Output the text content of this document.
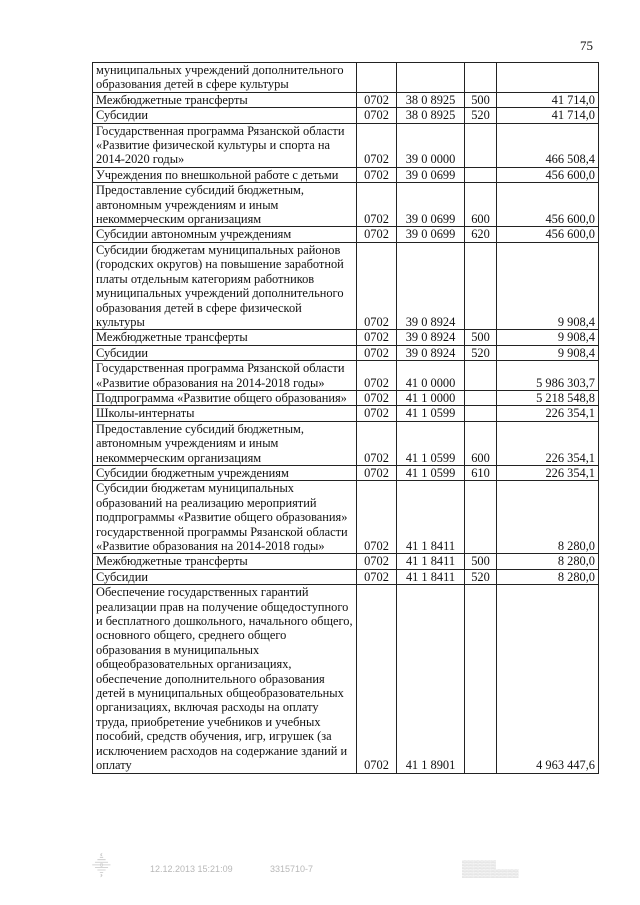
75
муниципальных учреждений дополнительного образования детей в сфере культуры				
Межбюджетные трансферты	0702	38 0 8925	500	41 714,0
Субсидии	0702	38 0 8925	520	41 714,0
Государственная программа Рязанской области «Развитие физической культуры и спорта на 2014-2020 годы»	0702	39 0 0000		466 508,4
Учреждения по внешкольной работе с детьми	0702	39 0 0699		456 600,0
Предоставление субсидий бюджетным, автономным учреждениям и иным некоммерческим организациям	0702	39 0 0699	600	456 600,0
Субсидии автономным учреждениям	0702	39 0 0699	620	456 600,0
Субсидии бюджетам муниципальных районов (городских округов) на повышение заработной платы отдельным категориям работников муниципальных учреждений дополнительного образования детей в сфере физической культуры	0702	39 0 8924		9 908,4
Межбюджетные трансферты	0702	39 0 8924	500	9 908,4
Субсидии	0702	39 0 8924	520	9 908,4
Государственная программа Рязанской области «Развитие образования на 2014-2018 годы»	0702	41 0 0000		5 986 303,7
Подпрограмма «Развитие общего образования»	0702	41 1 0000		5 218 548,8
Школы-интернаты	0702	41 1 0599		226 354,1
Предоставление субсидий бюджетным, автономным учреждениям и иным некоммерческим организациям	0702	41 1 0599	600	226 354,1
Субсидии бюджетным учреждениям	0702	41 1 0599	610	226 354,1
Субсидии бюджетам муниципальных образований на реализацию мероприятий подпрограммы «Развитие общего образования» государственной программы Рязанской области «Развитие образования на 2014-2018 годы»	0702	41 1 8411		8 280,0
Межбюджетные трансферты	0702	41 1 8411	500	8 280,0
Субсидии	0702	41 1 8411	520	8 280,0
Обеспечение государственных гарантий реализации прав на получение общедоступного и бесплатного дошкольного, начального общего, основного общего, среднего общего образования в муниципальных общеобразовательных организациях, обеспечение дополнительного образования детей в муниципальных общеобразовательных организациях, включая расходы на оплату труда, приобретение учебников и учебных пособий, средств обучения, игр, игрушек (за исключением расходов на содержание зданий и оплату	0702	41 1 8901		4 963 447,6
⸎	12.12.2013 15:21:09	3315710-7	▒▒▒▒▒▒
▒▒▒▒▒▒▒▒▒▒
